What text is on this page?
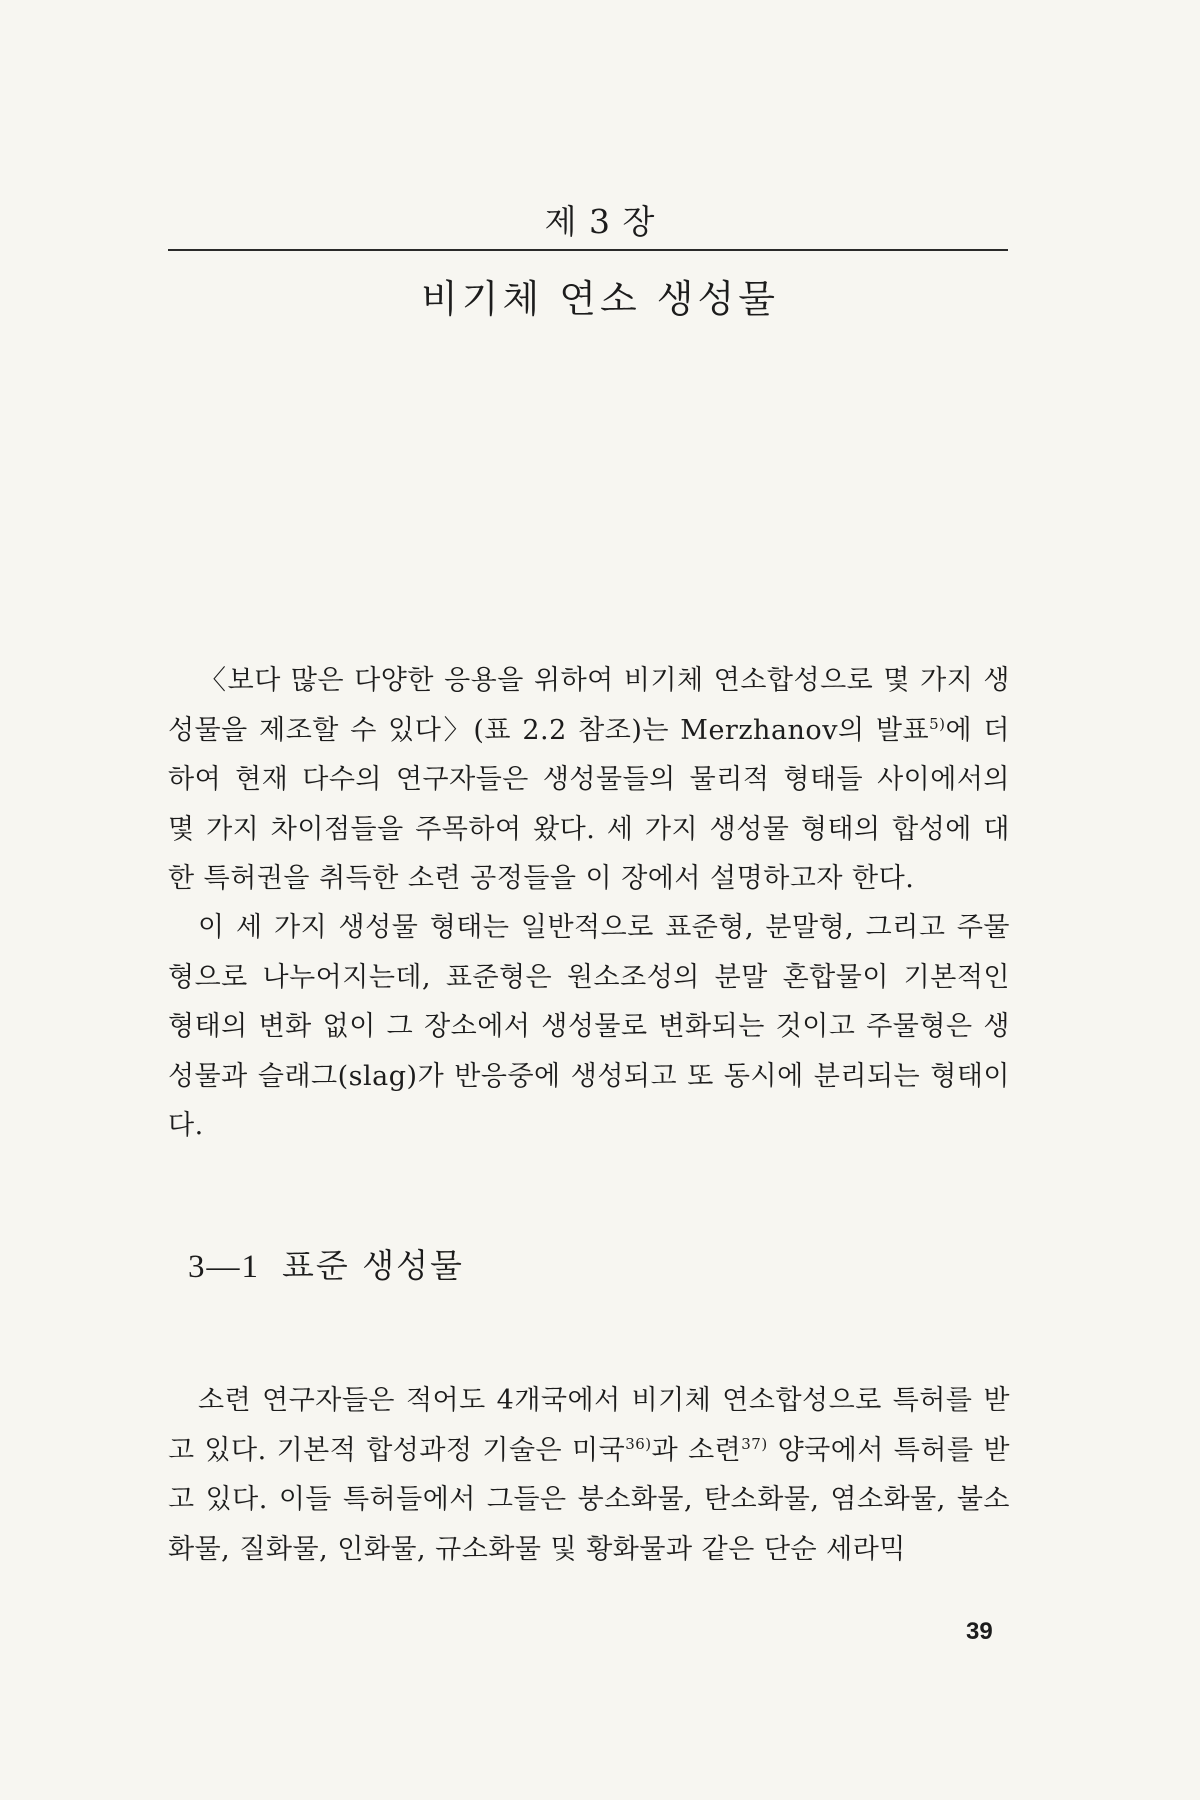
제 3 장
비기체 연소 생성물

〈보다 많은 다양한 응용을 위하여 비기체 연소합성으로 몇 가지 생성물을 제조할 수 있다〉(표 2.2 참조)는 Merzhanov의 발표$^{5)}$에 더하여 현재 다수의 연구자들은 생성물들의 물리적 형태들 사이에서의 몇 가지 차이점들을 주목하여 왔다. 세 가지 생성물 형태의 합성에 대한 특허권을 취득한 소련 공정들을 이 장에서 설명하고자 한다.

이 세 가지 생성물 형태는 일반적으로 표준형, 분말형, 그리고 주물형으로 나누어지는데, 표준형은 원소조성의 분말 혼합물이 기본적인 형태의 변화 없이 그 장소에서 생성물로 변화되는 것이고 주물형은 생성물과 슬래그(slag)가 반응중에 생성되고 또 동시에 분리되는 형태이다.

3—1 표준 생성물

소련 연구자들은 적어도 4개국에서 비기체 연소합성으로 특허를 받고 있다. 기본적 합성과정 기술은 미국$^{36)}$과 소련$^{37)}$ 양국에서 특허를 받고 있다. 이들 특허들에서 그들은 붕소화물, 탄소화물, 염소화물, 불소화물, 질화물, 인화물, 규소화물 및 황화물과 같은 단순 세라믹

39
